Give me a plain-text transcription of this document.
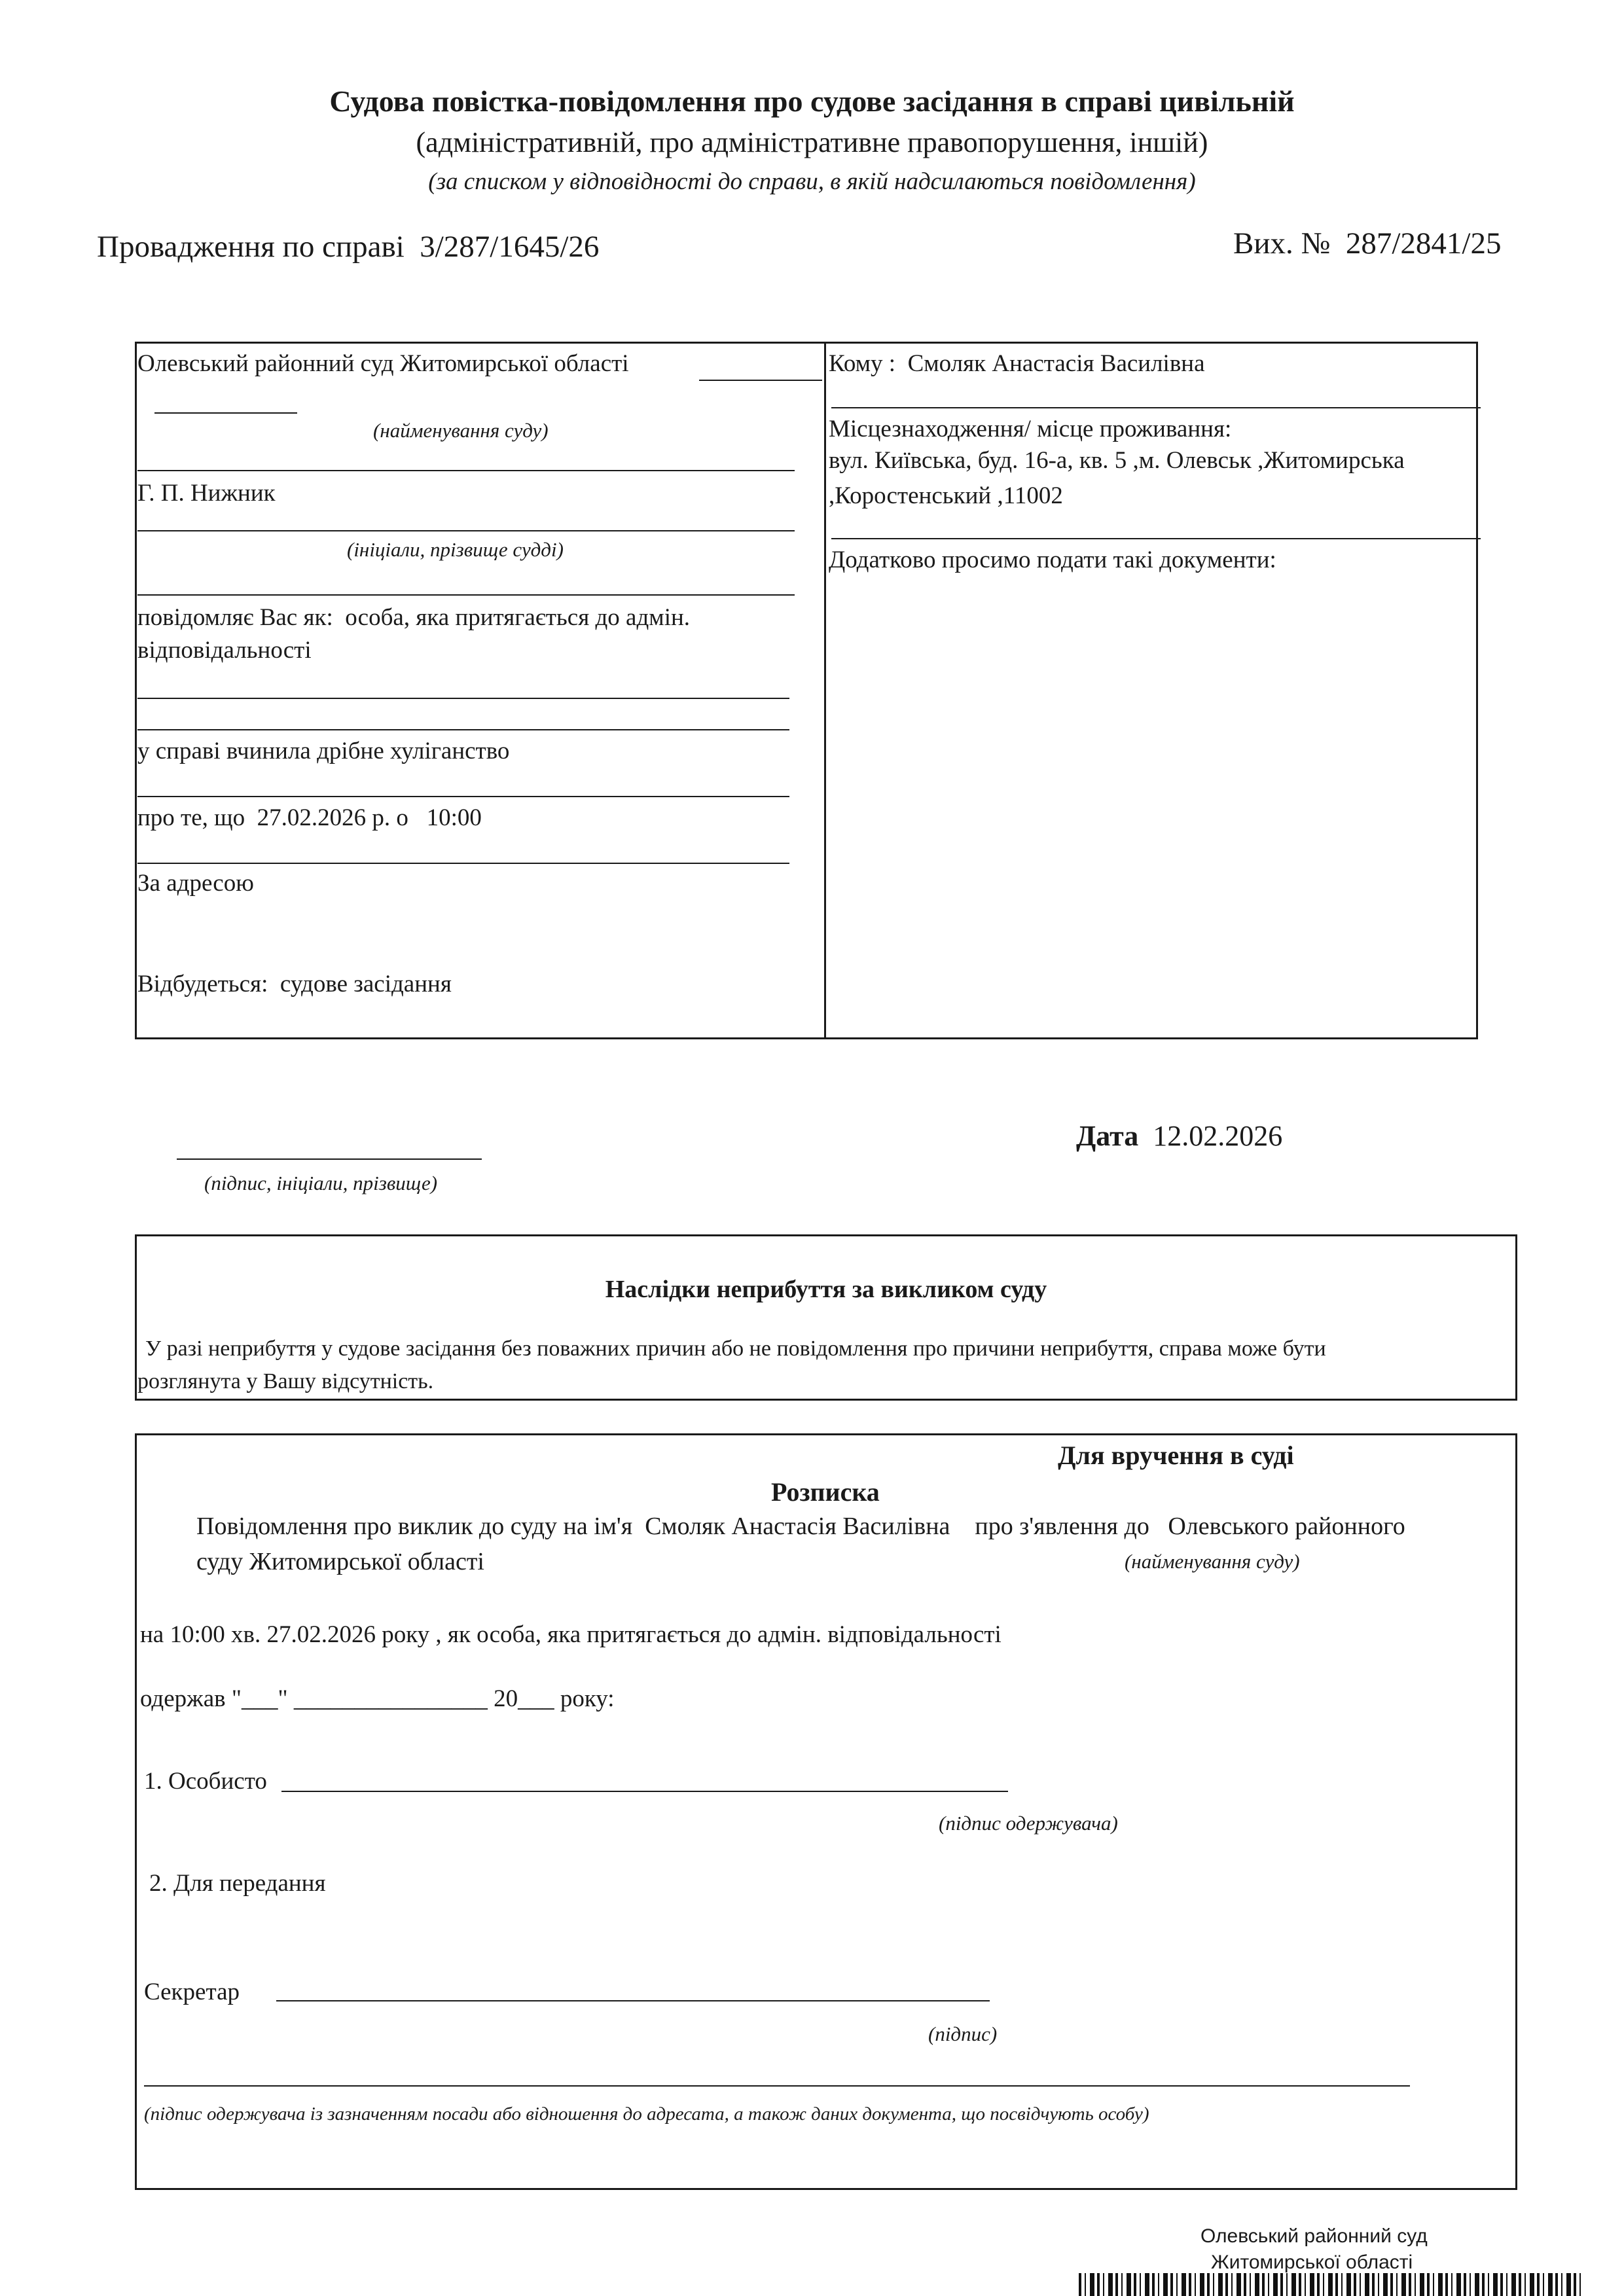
Судова повістка-повідомлення про судове засідання в справі цивільній
(адміністративній, про адміністративне правопорушення, іншій)
(за списком у відповідності до справи, в якій надсилаються повідомлення)
Провадження по справі 3/287/1645/26	Вих. № 287/2841/25
Олевський районний суд Житомирської області
(найменування суду)
Г. П. Нижник
(ініціали, прізвище судді)
повідомляє Вас як: особа, яка притягається до адмін.
відповідальності
у справі вчинила дрібне хуліганство
про те, що 27.02.2026 р. о 10:00
За адресою
Відбудеться: судове засідання
Кому : Смоляк Анастасія Василівна
Місцезнаходження/ місце проживання:
вул. Київська, буд. 16-а, кв. 5 ,м. Олевськ ,Житомирська
,Коростенський ,11002
Додатково просимо подати такі документи:
(підпис, ініціали, прізвище)
Дата 12.02.2026
Наслідки неприбуття за викликом суду
У разі неприбуття у судове засідання без поважних причин або не повідомлення про причини неприбуття, справа може бути
розглянута у Вашу відсутність.
Для вручення в суді
Розписка
Повідомлення про виклик до суду на ім'я Смоляк Анастасія Василівна про з'явлення до Олевського районного
суду Житомирської області	(найменування суду)
на 10:00 хв. 27.02.2026 року , як особа, яка притягається до адмін. відповідальності
одержав "___" ________________ 20___ року:
1. Особисто
(підпис одержувача)
2. Для передання
Секретар
(підпис)
(підпис одержувача із зазначенням посади або відношення до адресата, а також даних документа, що посвідчують особу)
Олевський районний суд
Житомирської області
